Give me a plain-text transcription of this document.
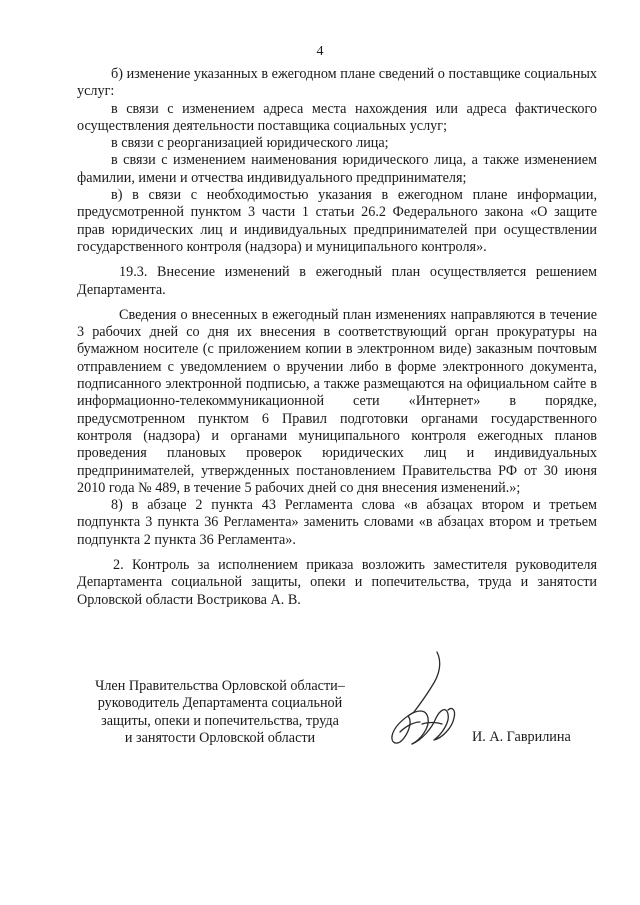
4

б) изменение указанных в ежегодном плане сведений о поставщике социальных услуг:

в связи с изменением адреса места нахождения или адреса фактического осуществления деятельности поставщика социальных услуг;

в связи с реорганизацией юридического лица;

в связи с изменением наименования юридического лица, а также изменением фамилии, имени и отчества индивидуального предпринимателя;

в) в связи с необходимостью указания в ежегодном плане информации, предусмотренной пунктом 3 части 1 статьи 26.2 Федерального закона «О защите прав юридических лиц и индивидуальных предпринимателей при осуществлении государственного контроля (надзора) и муниципального контроля».

19.3. Внесение изменений в ежегодный план осуществляется решением Департамента.

Сведения о внесенных в ежегодный план изменениях направляются в течение 3 рабочих дней со дня их внесения в соответствующий орган прокуратуры на бумажном носителе (с приложением копии в электронном виде) заказным почтовым отправлением с уведомлением о вручении либо в форме электронного документа, подписанного электронной подписью, а также размещаются на официальном сайте в информационно-телекоммуникационной сети «Интернет» в порядке, предусмотренном пунктом 6 Правил подготовки органами государственного контроля (надзора) и органами муниципального контроля ежегодных планов проведения плановых проверок юридических лиц и индивидуальных предпринимателей, утвержденных постановлением Правительства РФ от 30 июня 2010 года № 489, в течение 5 рабочих дней со дня внесения изменений.»;

8) в абзаце 2 пункта 43 Регламента слова «в абзацах втором и третьем подпункта 3 пункта 36 Регламента» заменить словами «в абзацах втором и третьем подпункта 2 пункта 36 Регламента».

2. Контроль за исполнением приказа возложить заместителя руководителя Департамента социальной защиты, опеки и попечительства, труда и занятости Орловской области Вострикова А. В.

Член Правительства Орловской области–
руководитель Департамента социальной
защиты, опеки и попечительства, труда
и занятости Орловской области	И. А. Гаврилина
